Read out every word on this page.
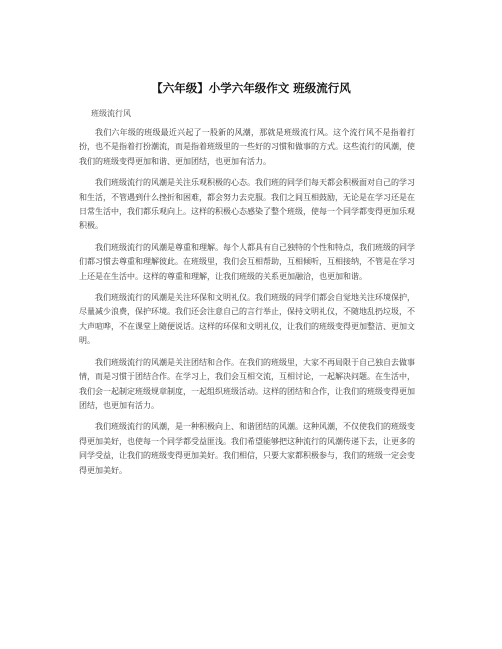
【六年级】小学六年级作文 班级流行风

班级流行风

我们六年级的班级最近兴起了一股新的风潮，那就是班级流行风。这个流行风不是指着打扮，也不是指着打扮潮流，而是指着班级里的一些好的习惯和做事的方式。这些流行的风潮，使我们的班级变得更加和谐、更加团结，也更加有活力。

我们班级流行的风潮是关注乐观积极的心态。我们班的同学们每天都会积极面对自己的学习和生活，不管遇到什么挫折和困难，都会努力去克服。我们之间互相鼓励，无论是在学习还是在日常生活中，我们都乐观向上。这样的积极心态感染了整个班级，使每一个同学都变得更加乐观积极。

我们班级流行的风潮是尊重和理解。每个人都具有自己独特的个性和特点，我们班级的同学们都习惯去尊重和理解彼此。在班级里，我们会互相帮助，互相倾听，互相接纳，不管是在学习上还是在生活中。这样的尊重和理解，让我们班级的关系更加融洽，也更加和谐。

我们班级流行的风潮是关注环保和文明礼仪。我们班级的同学们都会自觉地关注环境保护，尽量减少浪费，保护环境。我们还会注意自己的言行举止，保持文明礼仪，不随地乱扔垃圾，不大声喧哗，不在课堂上随便说话。这样的环保和文明礼仪，让我们的班级变得更加整洁、更加文明。

我们班级流行的风潮是关注团结和合作。在我们的班级里，大家不再局限于自己独自去做事情，而是习惯于团结合作。在学习上，我们会互相交流，互相讨论，一起解决问题。在生活中，我们会一起制定班级规章制度，一起组织班级活动。这样的团结和合作，让我们的班级变得更加团结，也更加有活力。

我们班级流行的风潮，是一种积极向上、和谐团结的风潮。这种风潮，不仅使我们的班级变得更加美好，也使每一个同学都受益匪浅。我们希望能够把这种流行的风潮传递下去，让更多的同学受益，让我们的班级变得更加美好。我们相信，只要大家都积极参与，我们的班级一定会变得更加美好。
